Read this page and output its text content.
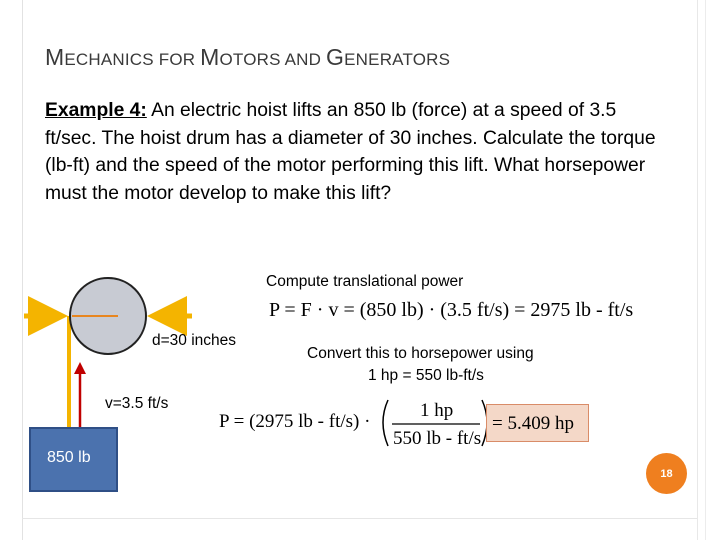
MECHANICS FOR MOTORS AND GENERATORS
Example 4: An electric hoist lifts an 850 lb (force) at a speed of 3.5 ft/sec. The hoist drum has a diameter of 30 inches. Calculate the torque (lb-ft) and the speed of the motor performing this lift. What horsepower must the motor develop to make this lift?
Compute translational power
d=30 inches
Convert this to horsepower using
1 hp = 550 lb-ft/s
v=3.5 ft/s
P = F · v = (850 lb) · (3.5 ft/s) = 2975 lb - ft/s
P = (2975 lb - ft/s) ·
1 hp
550 lb - ft/s
= 5.409 hp
850 lb
18
